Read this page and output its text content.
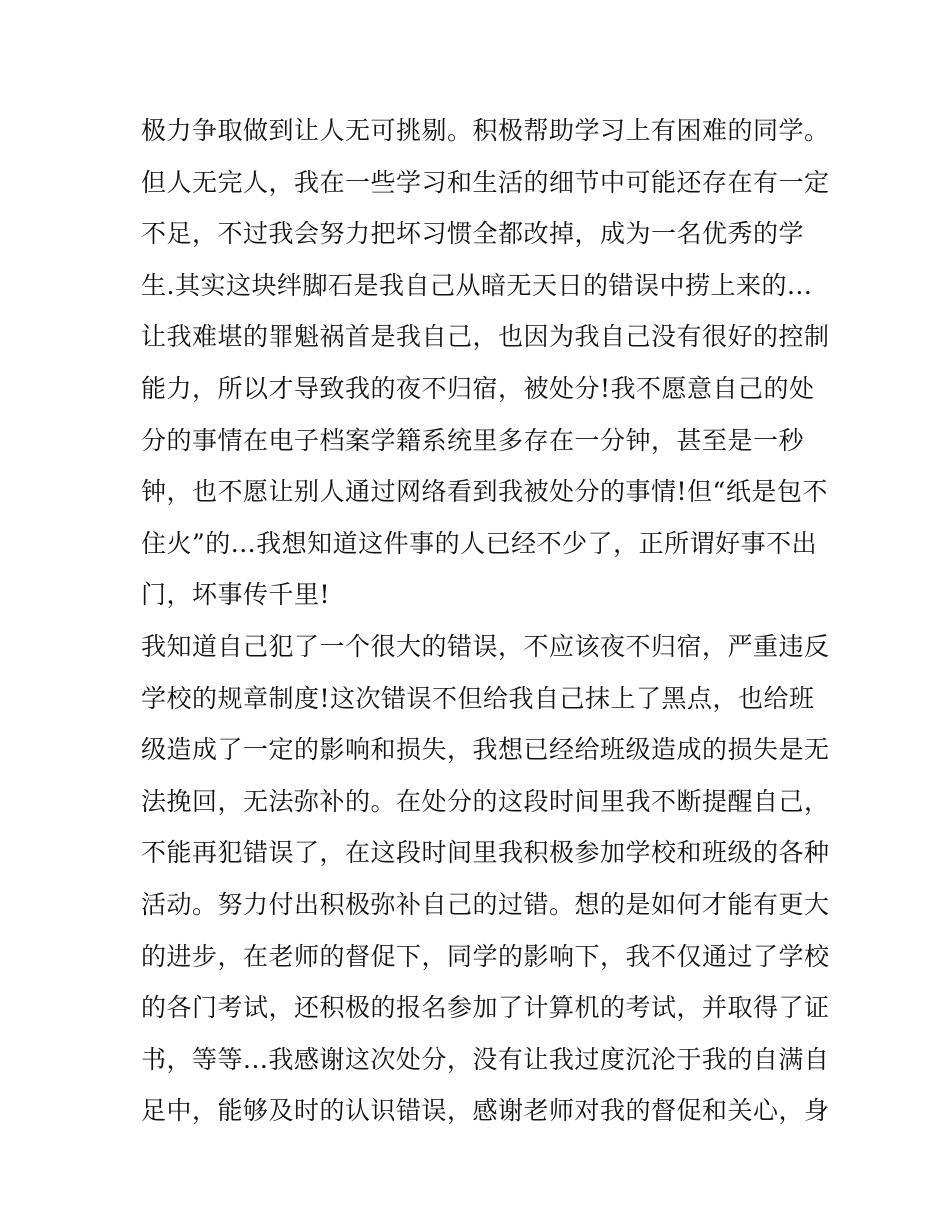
极力争取做到让人无可挑剔。积极帮助学习上有困难的同学。
但人无完人，我在一些学习和生活的细节中可能还存在有一定
不足，不过我会努力把坏习惯全都改掉，成为一名优秀的学
生.其实这块绊脚石是我自己从暗无天日的错误中捞上来的...
让我难堪的罪魁祸首是我自己，也因为我自己没有很好的控制
能力，所以才导致我的夜不归宿，被处分!我不愿意自己的处
分的事情在电子档案学籍系统里多存在一分钟，甚至是一秒
钟，也不愿让别人通过网络看到我被处分的事情!但“纸是包不
住火”的...我想知道这件事的人已经不少了，正所谓好事不出
门，坏事传千里!
我知道自己犯了一个很大的错误，不应该夜不归宿，严重违反
学校的规章制度!这次错误不但给我自己抹上了黑点，也给班
级造成了一定的影响和损失，我想已经给班级造成的损失是无
法挽回，无法弥补的。在处分的这段时间里我不断提醒自己，
不能再犯错误了，在这段时间里我积极参加学校和班级的各种
活动。努力付出积极弥补自己的过错。想的是如何才能有更大
的进步，在老师的督促下，同学的影响下，我不仅通过了学校
的各门考试，还积极的报名参加了计算机的考试，并取得了证
书，等等...我感谢这次处分，没有让我过度沉沦于我的自满自
足中，能够及时的认识错误，感谢老师对我的督促和关心，身
